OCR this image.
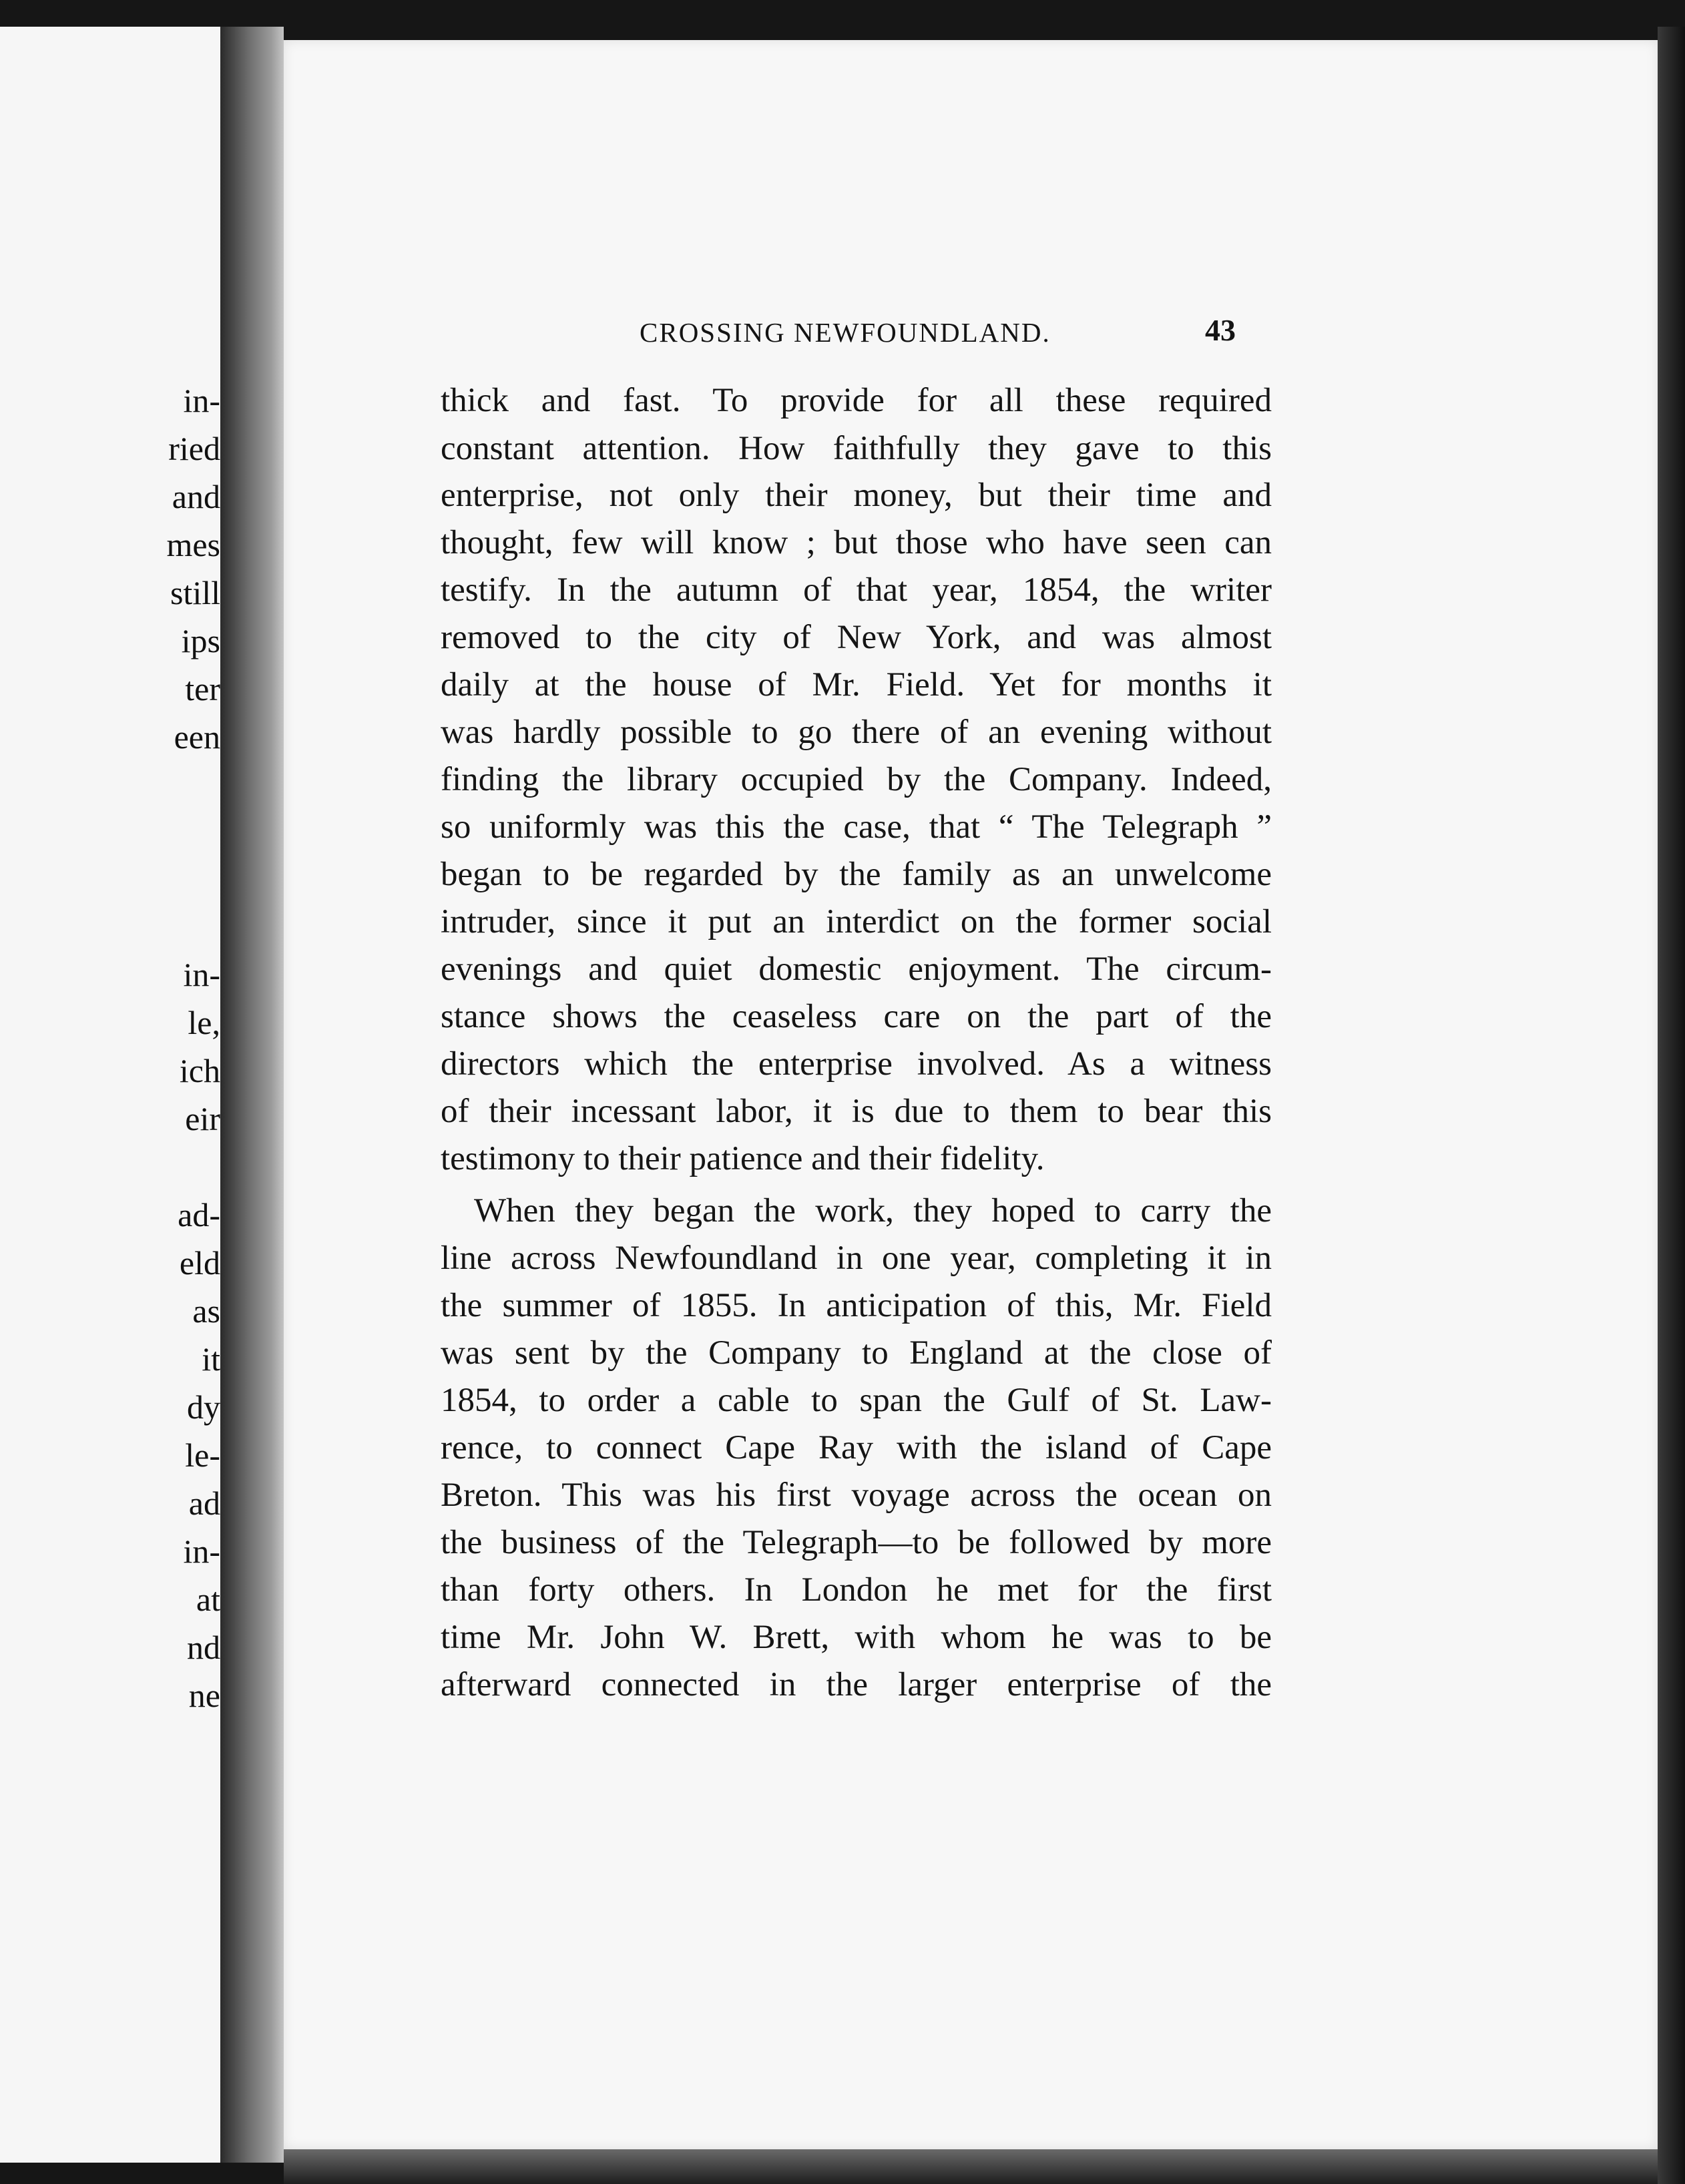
in-
ried
and
mes
still
ips
ter
een
in-
le,
ich
eir
ad-
eld
as
it
dy
le-
ad
in-
at
nd
ne
CROSSING NEWFOUNDLAND.	43
thick and fast. To provide for all these required
constant attention. How faithfully they gave to this
enterprise, not only their money, but their time and
thought, few will know ; but those who have seen can
testify. In the autumn of that year, 1854, the writer
removed to the city of New York, and was almost
daily at the house of Mr. Field. Yet for months it
was hardly possible to go there of an evening without
finding the library occupied by the Company. Indeed,
so uniformly was this the case, that “ The Telegraph ”
began to be regarded by the family as an unwelcome
intruder, since it put an interdict on the former social
evenings and quiet domestic enjoyment. The circum-
stance shows the ceaseless care on the part of the
directors which the enterprise involved. As a witness
of their incessant labor, it is due to them to bear this
testimony to their patience and their fidelity.
When they began the work, they hoped to carry the
line across Newfoundland in one year, completing it in
the summer of 1855. In anticipation of this, Mr. Field
was sent by the Company to England at the close of
1854, to order a cable to span the Gulf of St. Law-
rence, to connect Cape Ray with the island of Cape
Breton. This was his first voyage across the ocean on
the business of the Telegraph—to be followed by more
than forty others. In London he met for the first
time Mr. John W. Brett, with whom he was to be
afterward connected in the larger enterprise of the
